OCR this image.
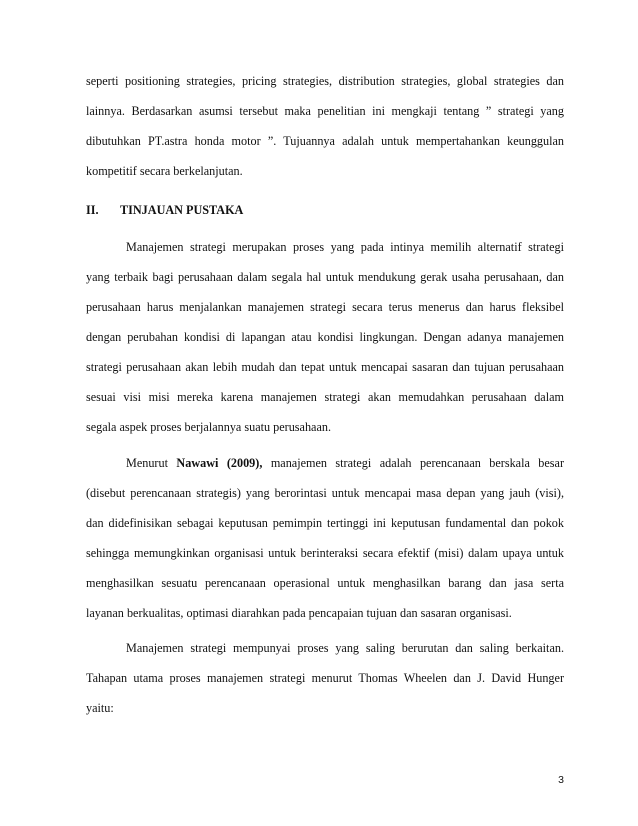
seperti positioning strategies, pricing strategies, distribution strategies, global strategies dan
lainnya. Berdasarkan asumsi tersebut maka penelitian ini mengkaji tentang ” strategi yang
dibutuhkan PT.astra honda motor ”. Tujuannya adalah untuk mempertahankan keunggulan
kompetitif secara berkelanjutan.
II. TINJAUAN PUSTAKA
Manajemen strategi merupakan proses yang pada intinya memilih alternatif strategi
yang terbaik bagi perusahaan dalam segala hal untuk mendukung gerak usaha perusahaan, dan
perusahaan harus menjalankan manajemen strategi secara terus menerus dan harus fleksibel
dengan perubahan kondisi di lapangan atau kondisi lingkungan. Dengan adanya manajemen
strategi perusahaan akan lebih mudah dan tepat untuk mencapai sasaran dan tujuan perusahaan
sesuai visi misi mereka karena manajemen strategi akan memudahkan perusahaan dalam
segala aspek proses berjalannya suatu perusahaan.
Menurut Nawawi (2009), manajemen strategi adalah perencanaan berskala besar
(disebut perencanaan strategis) yang berorintasi untuk mencapai masa depan yang jauh (visi),
dan didefinisikan sebagai keputusan pemimpin tertinggi ini keputusan fundamental dan pokok
sehingga memungkinkan organisasi untuk berinteraksi secara efektif (misi) dalam upaya untuk
menghasilkan sesuatu perencanaan operasional untuk menghasilkan barang dan jasa serta
layanan berkualitas, optimasi diarahkan pada pencapaian tujuan dan sasaran organisasi.
Manajemen strategi mempunyai proses yang saling berurutan dan saling berkaitan.
Tahapan utama proses manajemen strategi menurut Thomas Wheelen dan J. David Hunger
yaitu:
3
